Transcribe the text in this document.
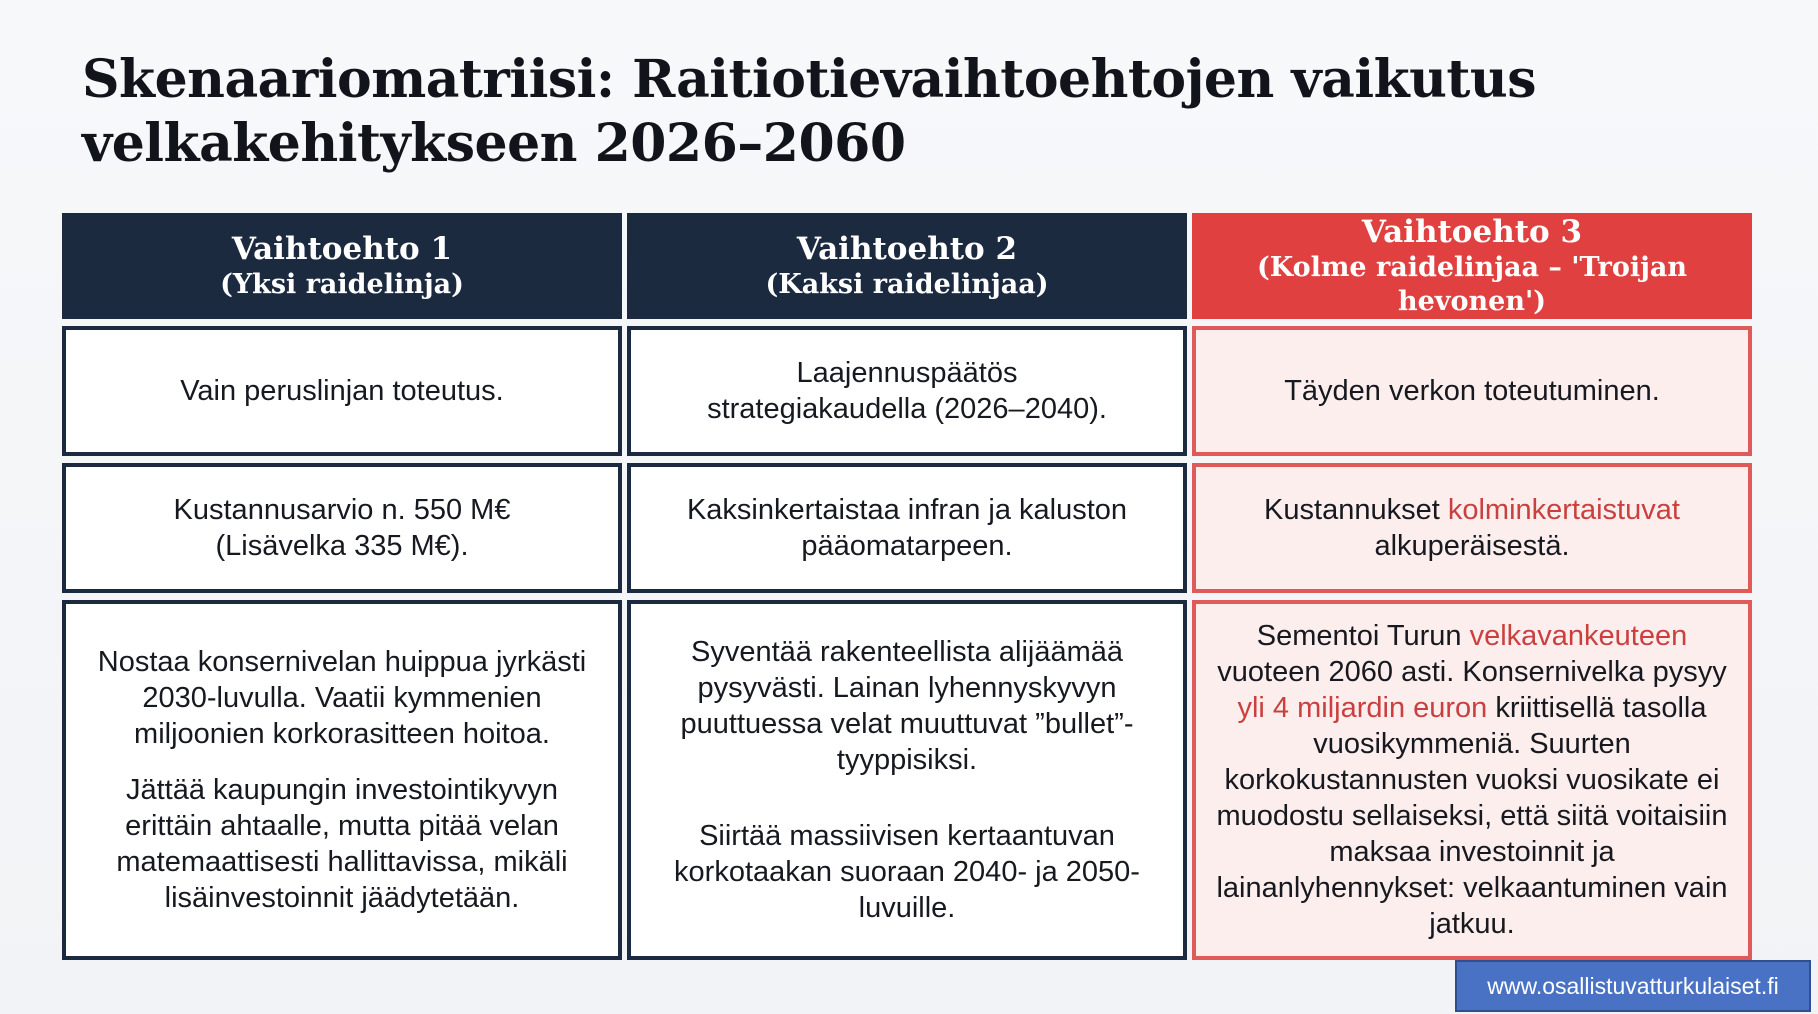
Skenaariomatriisi: Raitiotievaihtoehtojen vaikutus
velkakehitykseen 2026–2060
Vaihtoehto 1
(Yksi raidelinja)
Vaihtoehto 2
(Kaksi raidelinjaa)
Vaihtoehto 3
(Kolme raidelinjaa – 'Troijan hevonen')

Vain peruslinjan toteutus.

Laajennuspäätös strategiakaudella (2026–2040).

Täyden verkon toteutuminen.

Kustannusarvio n. 550 M€ (Lisävelka 335 M€).

Kaksinkertaistaa infran ja kaluston pääomatarpeen.

Kustannukset kolminkertaistuvat alkuperäisestä.

Nostaa konsernivelan huippua jyrkästi 2030-luvulla. Vaatii kymmenien miljoonien korkorasitteen hoitoa.

Jättää kaupungin investointikyvyn erittäin ahtaalle, mutta pitää velan matemaattisesti hallittavissa, mikäli lisäinvestoinnit jäädytetään.

Syventää rakenteellista alijäämää pysyvästi. Lainan lyhennyskyvyn puuttuessa velat muuttuvat ”bullet”-tyyppisiksi.

Siirtää massiivisen kertaantuvan korkotaakan suoraan 2040- ja 2050-luvuille.

Sementoi Turun velkavankeuteen vuoteen 2060 asti. Konsernivelka pysyy yli 4 miljardin euron kriittisellä tasolla vuosikymmeniä. Suurten korkokustannusten vuoksi vuosikate ei muodostu sellaiseksi, että siitä voitaisiin maksaa investoinnit ja lainanlyhennykset: velkaantuminen vain jatkuu.

www.osallistuvatturkulaiset.fi
